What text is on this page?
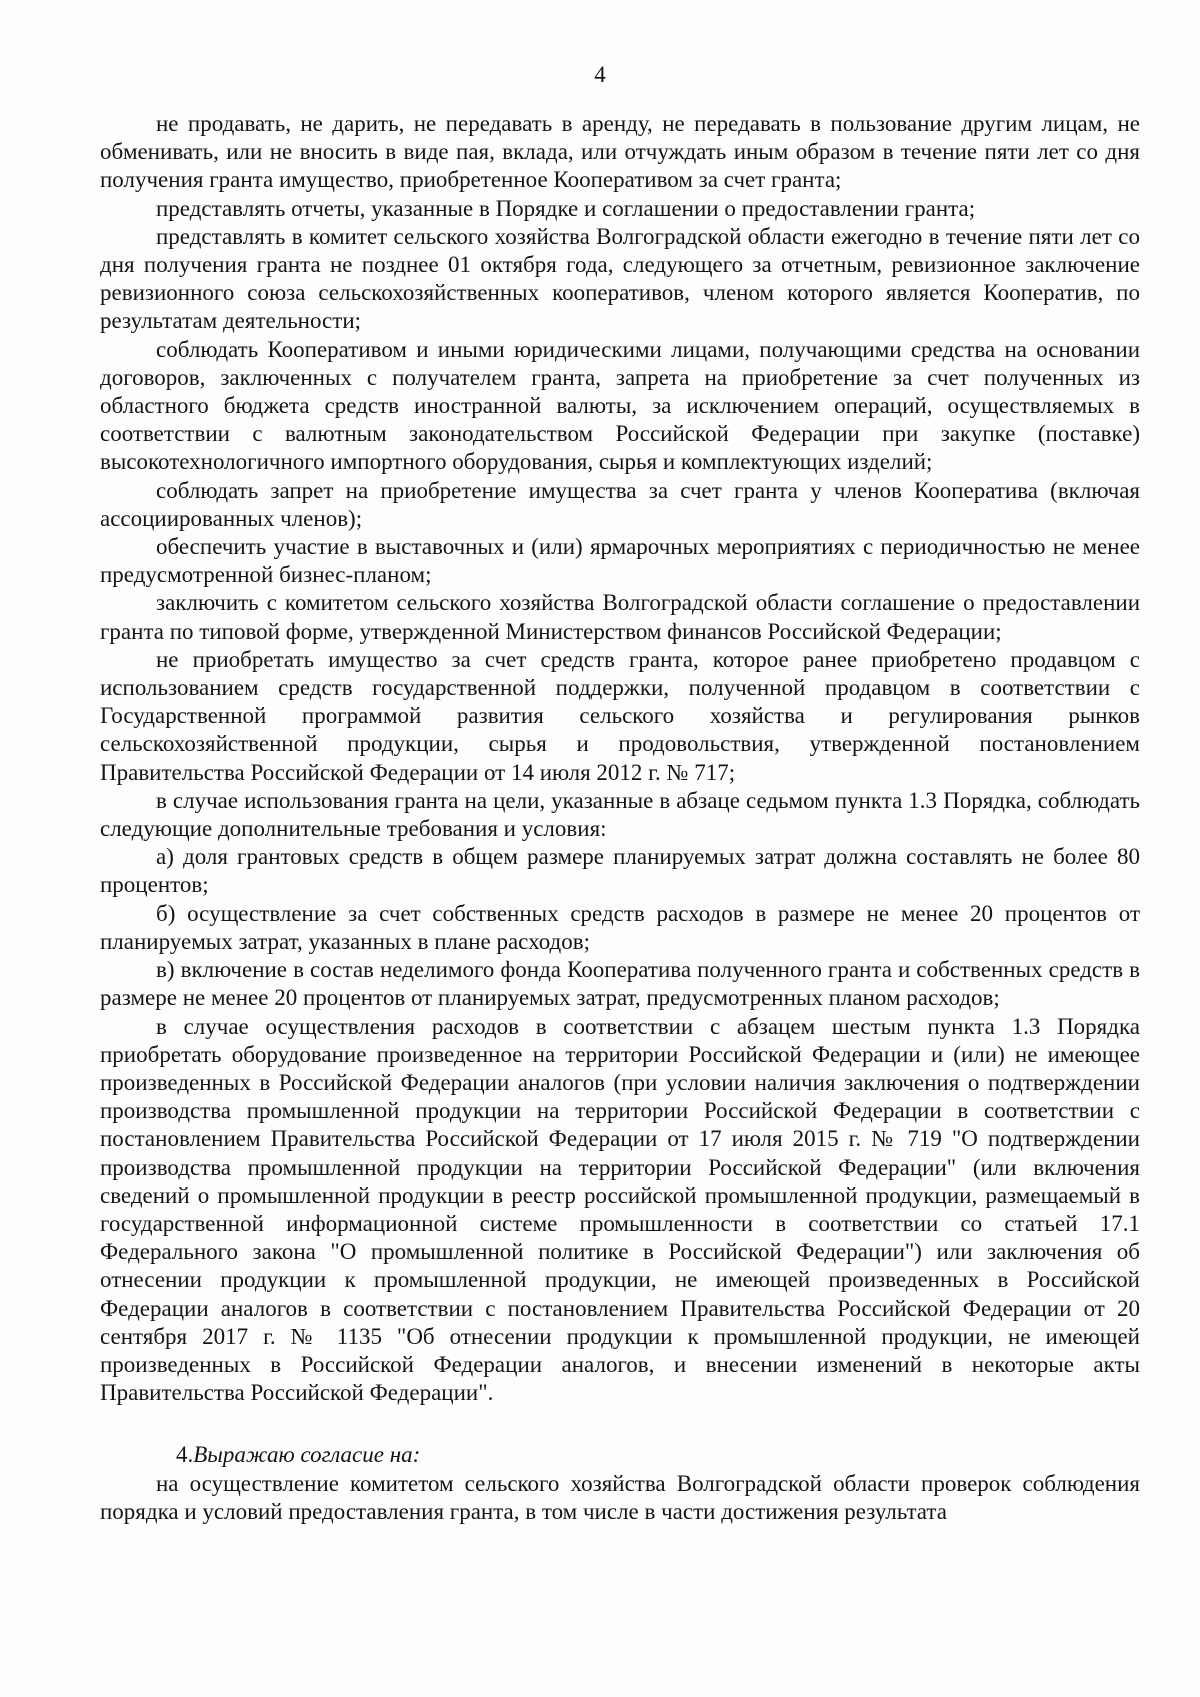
4

не продавать, не дарить, не передавать в аренду, не передавать в пользование другим лицам, не обменивать, или не вносить в виде пая, вклада, или отчуждать иным образом в течение пяти лет со дня получения гранта имущество, приобретенное Кооперативом за счет гранта;

представлять отчеты, указанные в Порядке и соглашении о предоставлении гранта;

представлять в комитет сельского хозяйства Волгоградской области ежегодно в течение пяти лет со дня получения гранта не позднее 01 октября года, следующего за отчетным, ревизионное заключение ревизионного союза сельскохозяйственных кооперативов, членом которого является Кооператив, по результатам деятельности;

соблюдать Кооперативом и иными юридическими лицами, получающими средства на основании договоров, заключенных с получателем гранта, запрета на приобретение за счет полученных из областного бюджета средств иностранной валюты, за исключением операций, осуществляемых в соответствии с валютным законодательством Российской Федерации при закупке (поставке) высокотехнологичного импортного оборудования, сырья и комплектующих изделий;

соблюдать запрет на приобретение имущества за счет гранта у членов Кооператива (включая ассоциированных членов);

обеспечить участие в выставочных и (или) ярмарочных мероприятиях с периодичностью не менее предусмотренной бизнес-планом;

заключить с комитетом сельского хозяйства Волгоградской области соглашение о предоставлении гранта по типовой форме, утвержденной Министерством финансов Российской Федерации;

не приобретать имущество за счет средств гранта, которое ранее приобретено продавцом с использованием средств государственной поддержки, полученной продавцом в соответствии с Государственной программой развития сельского хозяйства и регулирования рынков сельскохозяйственной продукции, сырья и продовольствия, утвержденной постановлением Правительства Российской Федерации от 14 июля 2012 г. № 717;

в случае использования гранта на цели, указанные в абзаце седьмом пункта 1.3 Порядка, соблюдать следующие дополнительные требования и условия:

а) доля грантовых средств в общем размере планируемых затрат должна составлять не более 80 процентов;

б) осуществление за счет собственных средств расходов в размере не менее 20 процентов от планируемых затрат, указанных в плане расходов;

в) включение в состав неделимого фонда Кооператива полученного гранта и собственных средств в размере не менее 20 процентов от планируемых затрат, предусмотренных планом расходов;

в случае осуществления расходов в соответствии с абзацем шестым пункта 1.3 Порядка приобретать оборудование произведенное на территории Российской Федерации и (или) не имеющее произведенных в Российской Федерации аналогов (при условии наличия заключения о подтверждении производства промышленной продукции на территории Российской Федерации в соответствии с постановлением Правительства Российской Федерации от 17 июля 2015 г. № 719 "О подтверждении производства промышленной продукции на территории Российской Федерации" (или включения сведений о промышленной продукции в реестр российской промышленной продукции, размещаемый в государственной информационной системе промышленности в соответствии со статьей 17.1 Федерального закона "О промышленной политике в Российской Федерации") или заключения об отнесении продукции к промышленной продукции, не имеющей произведенных в Российской Федерации аналогов в соответствии с постановлением Правительства Российской Федерации от 20 сентября 2017 г. № 1135 "Об отнесении продукции к промышленной продукции, не имеющей произведенных в Российской Федерации аналогов, и внесении изменений в некоторые акты Правительства Российской Федерации".

4.Выражаю согласие на:

на осуществление комитетом сельского хозяйства Волгоградской области проверок соблюдения порядка и условий предоставления гранта, в том числе в части достижения результата
